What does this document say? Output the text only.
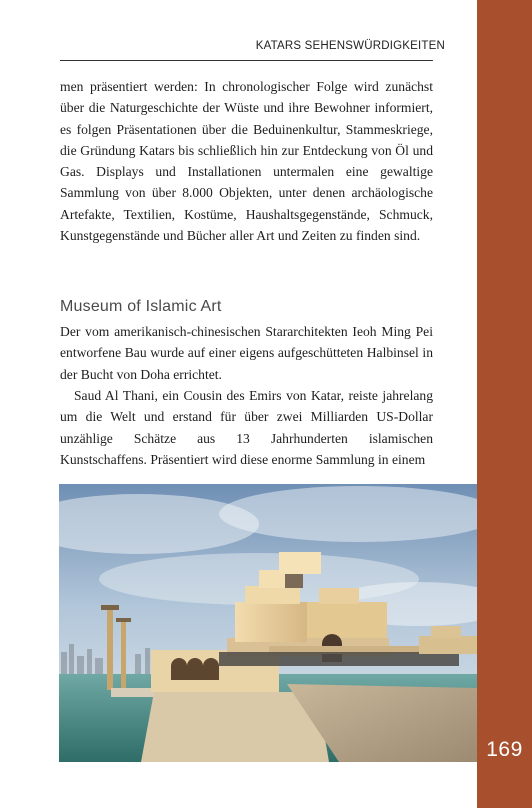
169
KATARS SEHENSWÜRDIGKEITEN
men präsentiert werden: In chronologischer Folge wird zunächst über die Naturgeschichte der Wüste und ihre Bewohner informiert, es folgen Präsentationen über die Beduinenkultur, Stammeskriege, die Gründung Katars bis schließlich hin zur Entdeckung von Öl und Gas. Displays und Installationen untermalen eine gewaltige Sammlung von über 8.000 Objekten, unter denen archäologische Artefakte, Textilien, Kostüme, Haushaltsgegenstände, Schmuck, Kunstgegenstände und Bücher aller Art und Zeiten zu finden sind.
Museum of Islamic Art
Der vom amerikanisch-chinesischen Stararchitekten Ieoh Ming Pei entworfene Bau wurde auf einer eigens aufgeschütteten Halbinsel in der Bucht von Doha errichtet.
Saud Al Thani, ein Cousin des Emirs von Katar, reiste jahrelang um die Welt und erstand für über zwei Milliarden US-Dollar unzählige Schätze aus 13 Jahrhunderten islamischen Kunstschaffens. Präsentiert wird diese enorme Sammlung in einem
